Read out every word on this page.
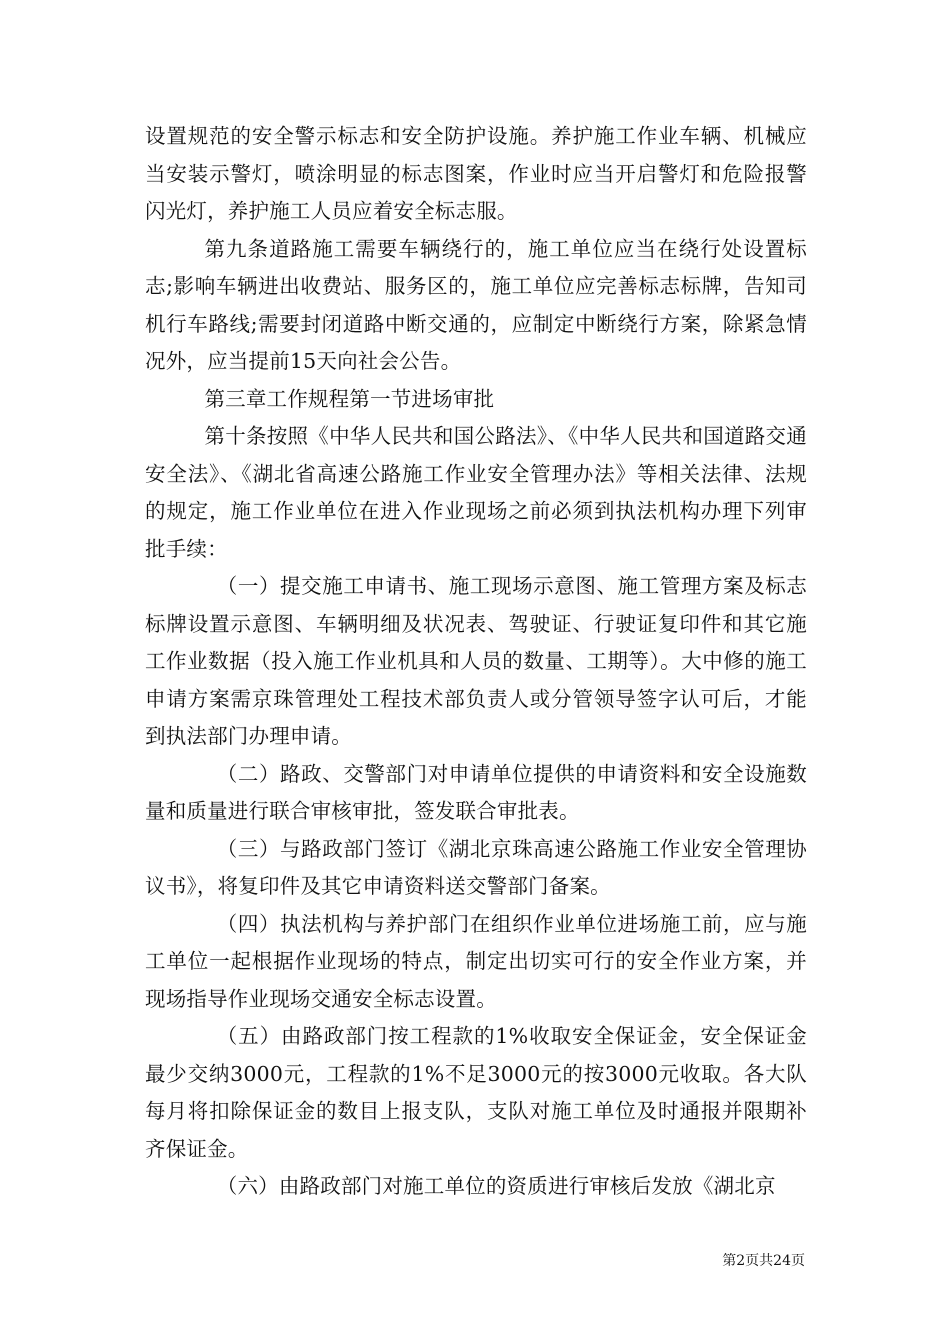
设置规范的安全警示标志和安全防护设施。养护施工作业车辆、机械应当安装示警灯，喷涂明显的标志图案，作业时应当开启警灯和危险报警闪光灯，养护施工人员应着安全标志服。

第九条道路施工需要车辆绕行的，施工单位应当在绕行处设置标志;影响车辆进出收费站、服务区的，施工单位应完善标志标牌，告知司机行车路线;需要封闭道路中断交通的，应制定中断绕行方案，除紧急情况外，应当提前15天向社会公告。

第三章工作规程第一节进场审批

第十条按照《中华人民共和国公路法》、《中华人民共和国道路交通安全法》、《湖北省高速公路施工作业安全管理办法》等相关法律、法规的规定，施工作业单位在进入作业现场之前必须到执法机构办理下列审批手续：

（一）提交施工申请书、施工现场示意图、施工管理方案及标志标牌设置示意图、车辆明细及状况表、驾驶证、行驶证复印件和其它施工作业数据（投入施工作业机具和人员的数量、工期等）。大中修的施工申请方案需京珠管理处工程技术部负责人或分管领导签字认可后，才能到执法部门办理申请。

（二）路政、交警部门对申请单位提供的申请资料和安全设施数量和质量进行联合审核审批，签发联合审批表。

（三）与路政部门签订《湖北京珠高速公路施工作业安全管理协议书》，将复印件及其它申请资料送交警部门备案。

（四）执法机构与养护部门在组织作业单位进场施工前，应与施工单位一起根据作业现场的特点，制定出切实可行的安全作业方案，并现场指导作业现场交通安全标志设置。

（五）由路政部门按工程款的1%收取安全保证金，安全保证金最少交纳3000元，工程款的1%不足3000元的按3000元收取。各大队每月将扣除保证金的数目上报支队，支队对施工单位及时通报并限期补齐保证金。

（六）由路政部门对施工单位的资质进行审核后发放《湖北京

第2页共24页
